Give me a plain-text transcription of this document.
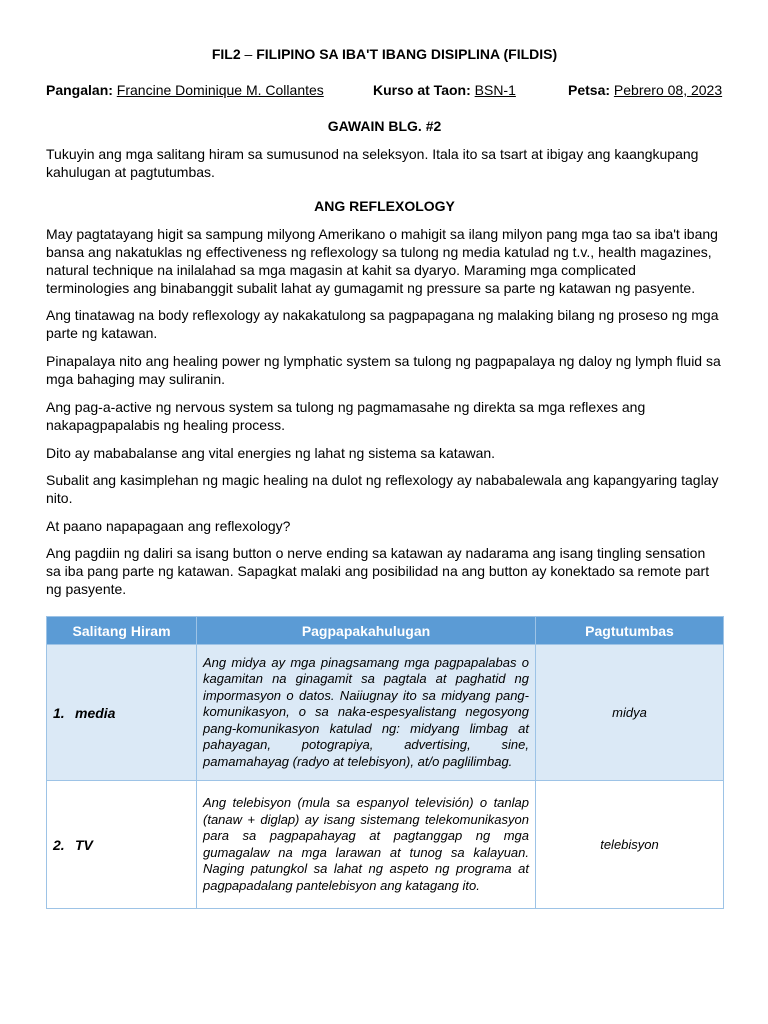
FIL2 – FILIPINO SA IBA'T IBANG DISIPLINA (FILDIS)
Pangalan: Francine Dominique M. Collantes	Kurso at Taon: BSN-1	Petsa: Pebrero 08, 2023
GAWAIN BLG. #2
Tukuyin ang mga salitang hiram sa sumusunod na seleksyon. Itala ito sa tsart at ibigay ang kaangkupang kahulugan at pagtutumbas.
ANG REFLEXOLOGY
May pagtatayang higit sa sampung milyong Amerikano o mahigit sa ilang milyon pang mga tao sa iba't ibang bansa ang nakatuklas ng effectiveness ng reflexology sa tulong ng media katulad ng t.v., health magazines, natural technique na inilalahad sa mga magasin at kahit sa dyaryo. Maraming mga complicated terminologies ang binabanggit subalit lahat ay gumagamit ng pressure sa parte ng katawan ng pasyente.
Ang tinatawag na body reflexology ay nakakatulong sa pagpapagana ng malaking bilang ng proseso ng mga parte ng katawan.
Pinapalaya nito ang healing power ng lymphatic system sa tulong ng pagpapalaya ng daloy ng lymph fluid sa mga bahaging may suliranin.
Ang pag-a-active ng nervous system sa tulong ng pagmamasahe ng direkta sa mga reflexes ang nakapagpapalabis ng healing process.
Dito ay mababalanse ang vital energies ng lahat ng sistema sa katawan.
Subalit ang kasimplehan ng magic healing na dulot ng reflexology ay nababalewala ang kapangyaring taglay nito.
At paano napapagaan ang reflexology?
Ang pagdiin ng daliri sa isang button o nerve ending sa katawan ay nadarama ang isang tingling sensation sa iba pang parte ng katawan. Sapagkat malaki ang posibilidad na ang button ay konektado sa remote part ng pasyente.
Salitang Hiram	Pagpapakahulugan	Pagtutumbas
1. media	Ang midya ay mga pinagsamang mga pagpapalabas o kagamitan na ginagamit sa pagtala at paghatid ng impormasyon o datos. Naiiugnay ito sa midyang pang-komunikasyon, o sa naka-espesyalistang negosyong pang-komunikasyon katulad ng: midyang limbag at pahayagan, potograpiya, advertising, sine, pamamahayag (radyo at telebisyon), at/o paglilimbag.	midya
2. TV	Ang telebisyon (mula sa espanyol televisión) o tanlap (tanaw + diglap) ay isang sistemang telekomunikasyon para sa pagpapahayag at pagtanggap ng mga gumagalaw na mga larawan at tunog sa kalayuan. Naging patungkol sa lahat ng aspeto ng programa at pagpapadalang pantelebisyon ang katagang ito.	telebisyon
